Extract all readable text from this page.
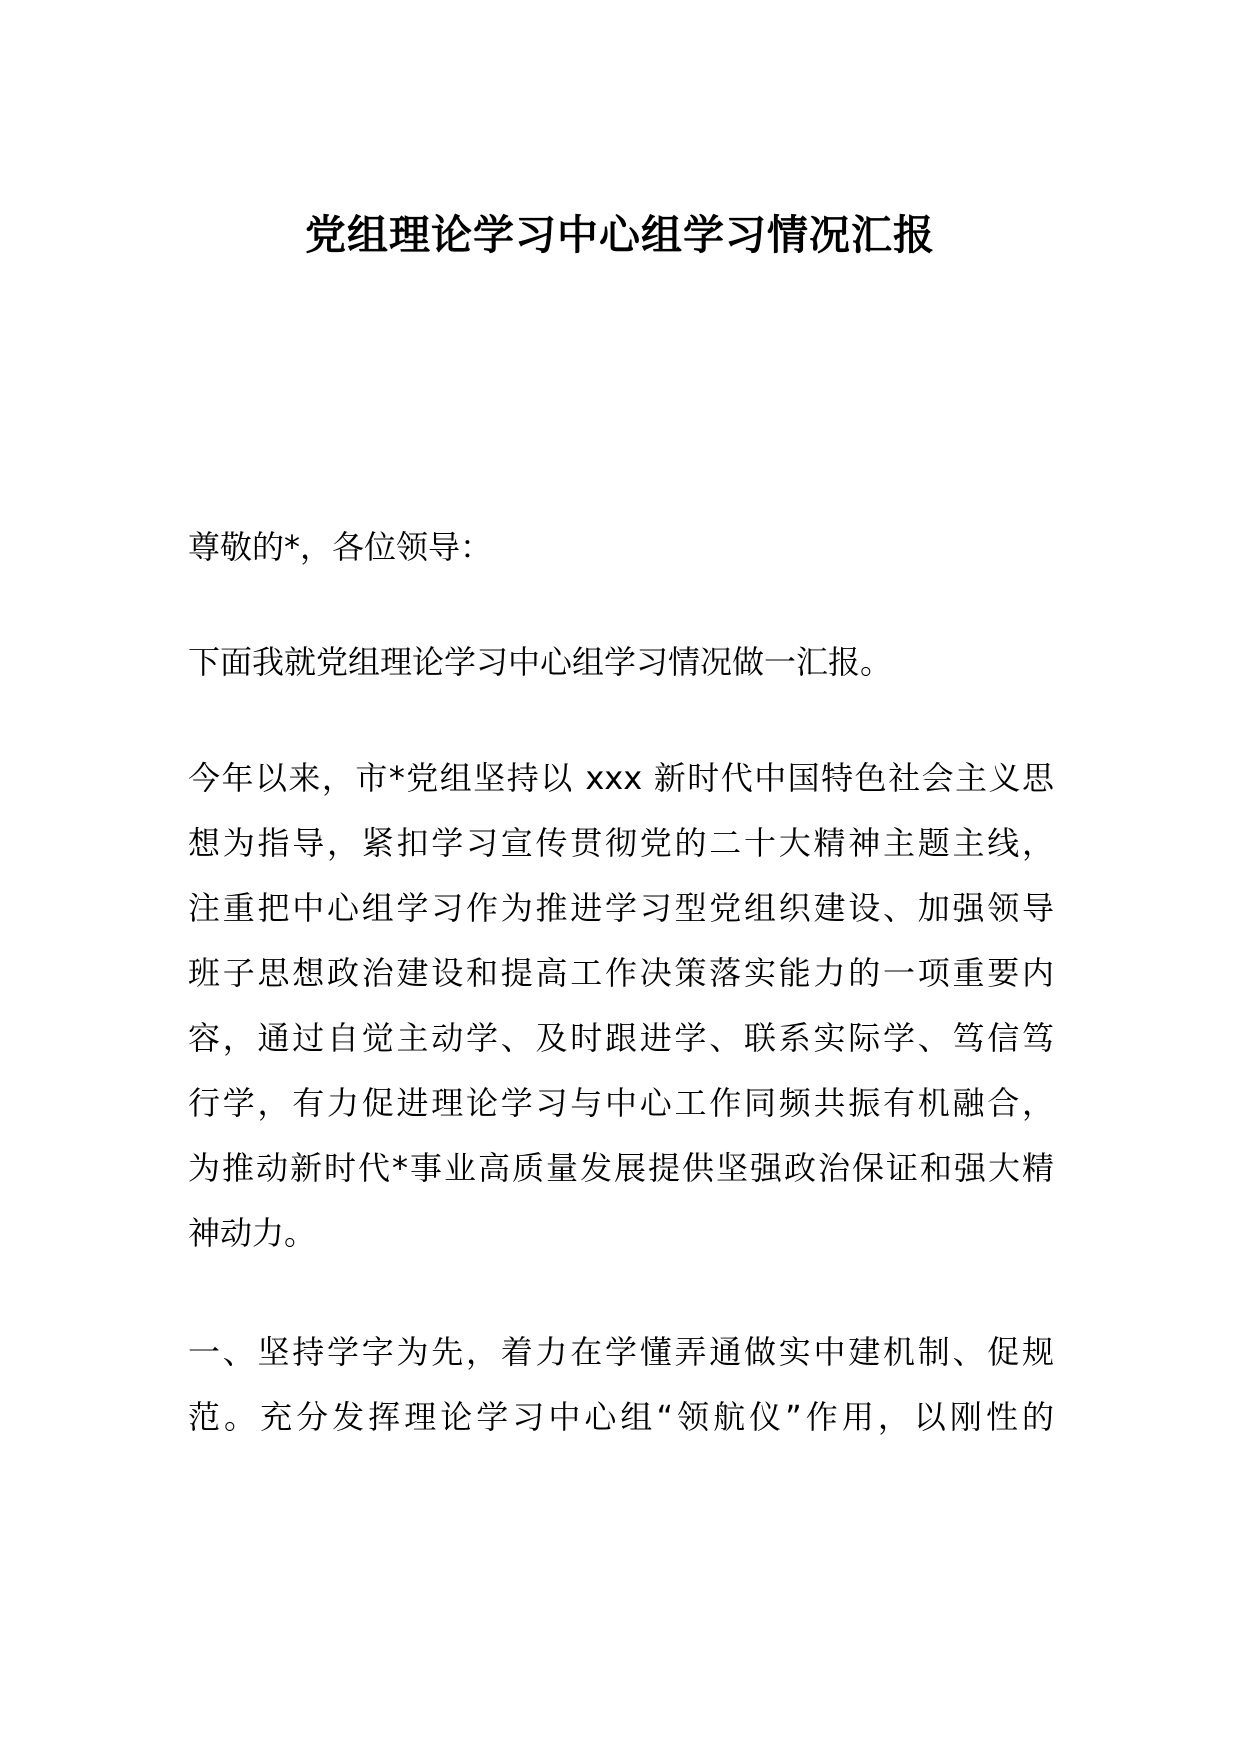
党组理论学习中心组学习情况汇报

尊敬的*，各位领导：

下面我就党组理论学习中心组学习情况做一汇报。

今年以来，市*党组坚持以 xxx 新时代中国特色社会主义思
想为指导，紧扣学习宣传贯彻党的二十大精神主题主线，
注重把中心组学习作为推进学习型党组织建设、加强领导
班子思想政治建设和提高工作决策落实能力的一项重要内
容，通过自觉主动学、及时跟进学、联系实际学、笃信笃
行学，有力促进理论学习与中心工作同频共振有机融合，
为推动新时代*事业高质量发展提供坚强政治保证和强大精
神动力。

一、坚持学字为先，着力在学懂弄通做实中建机制、促规
范。充分发挥理论学习中心组“领航仪”作用，以刚性的
